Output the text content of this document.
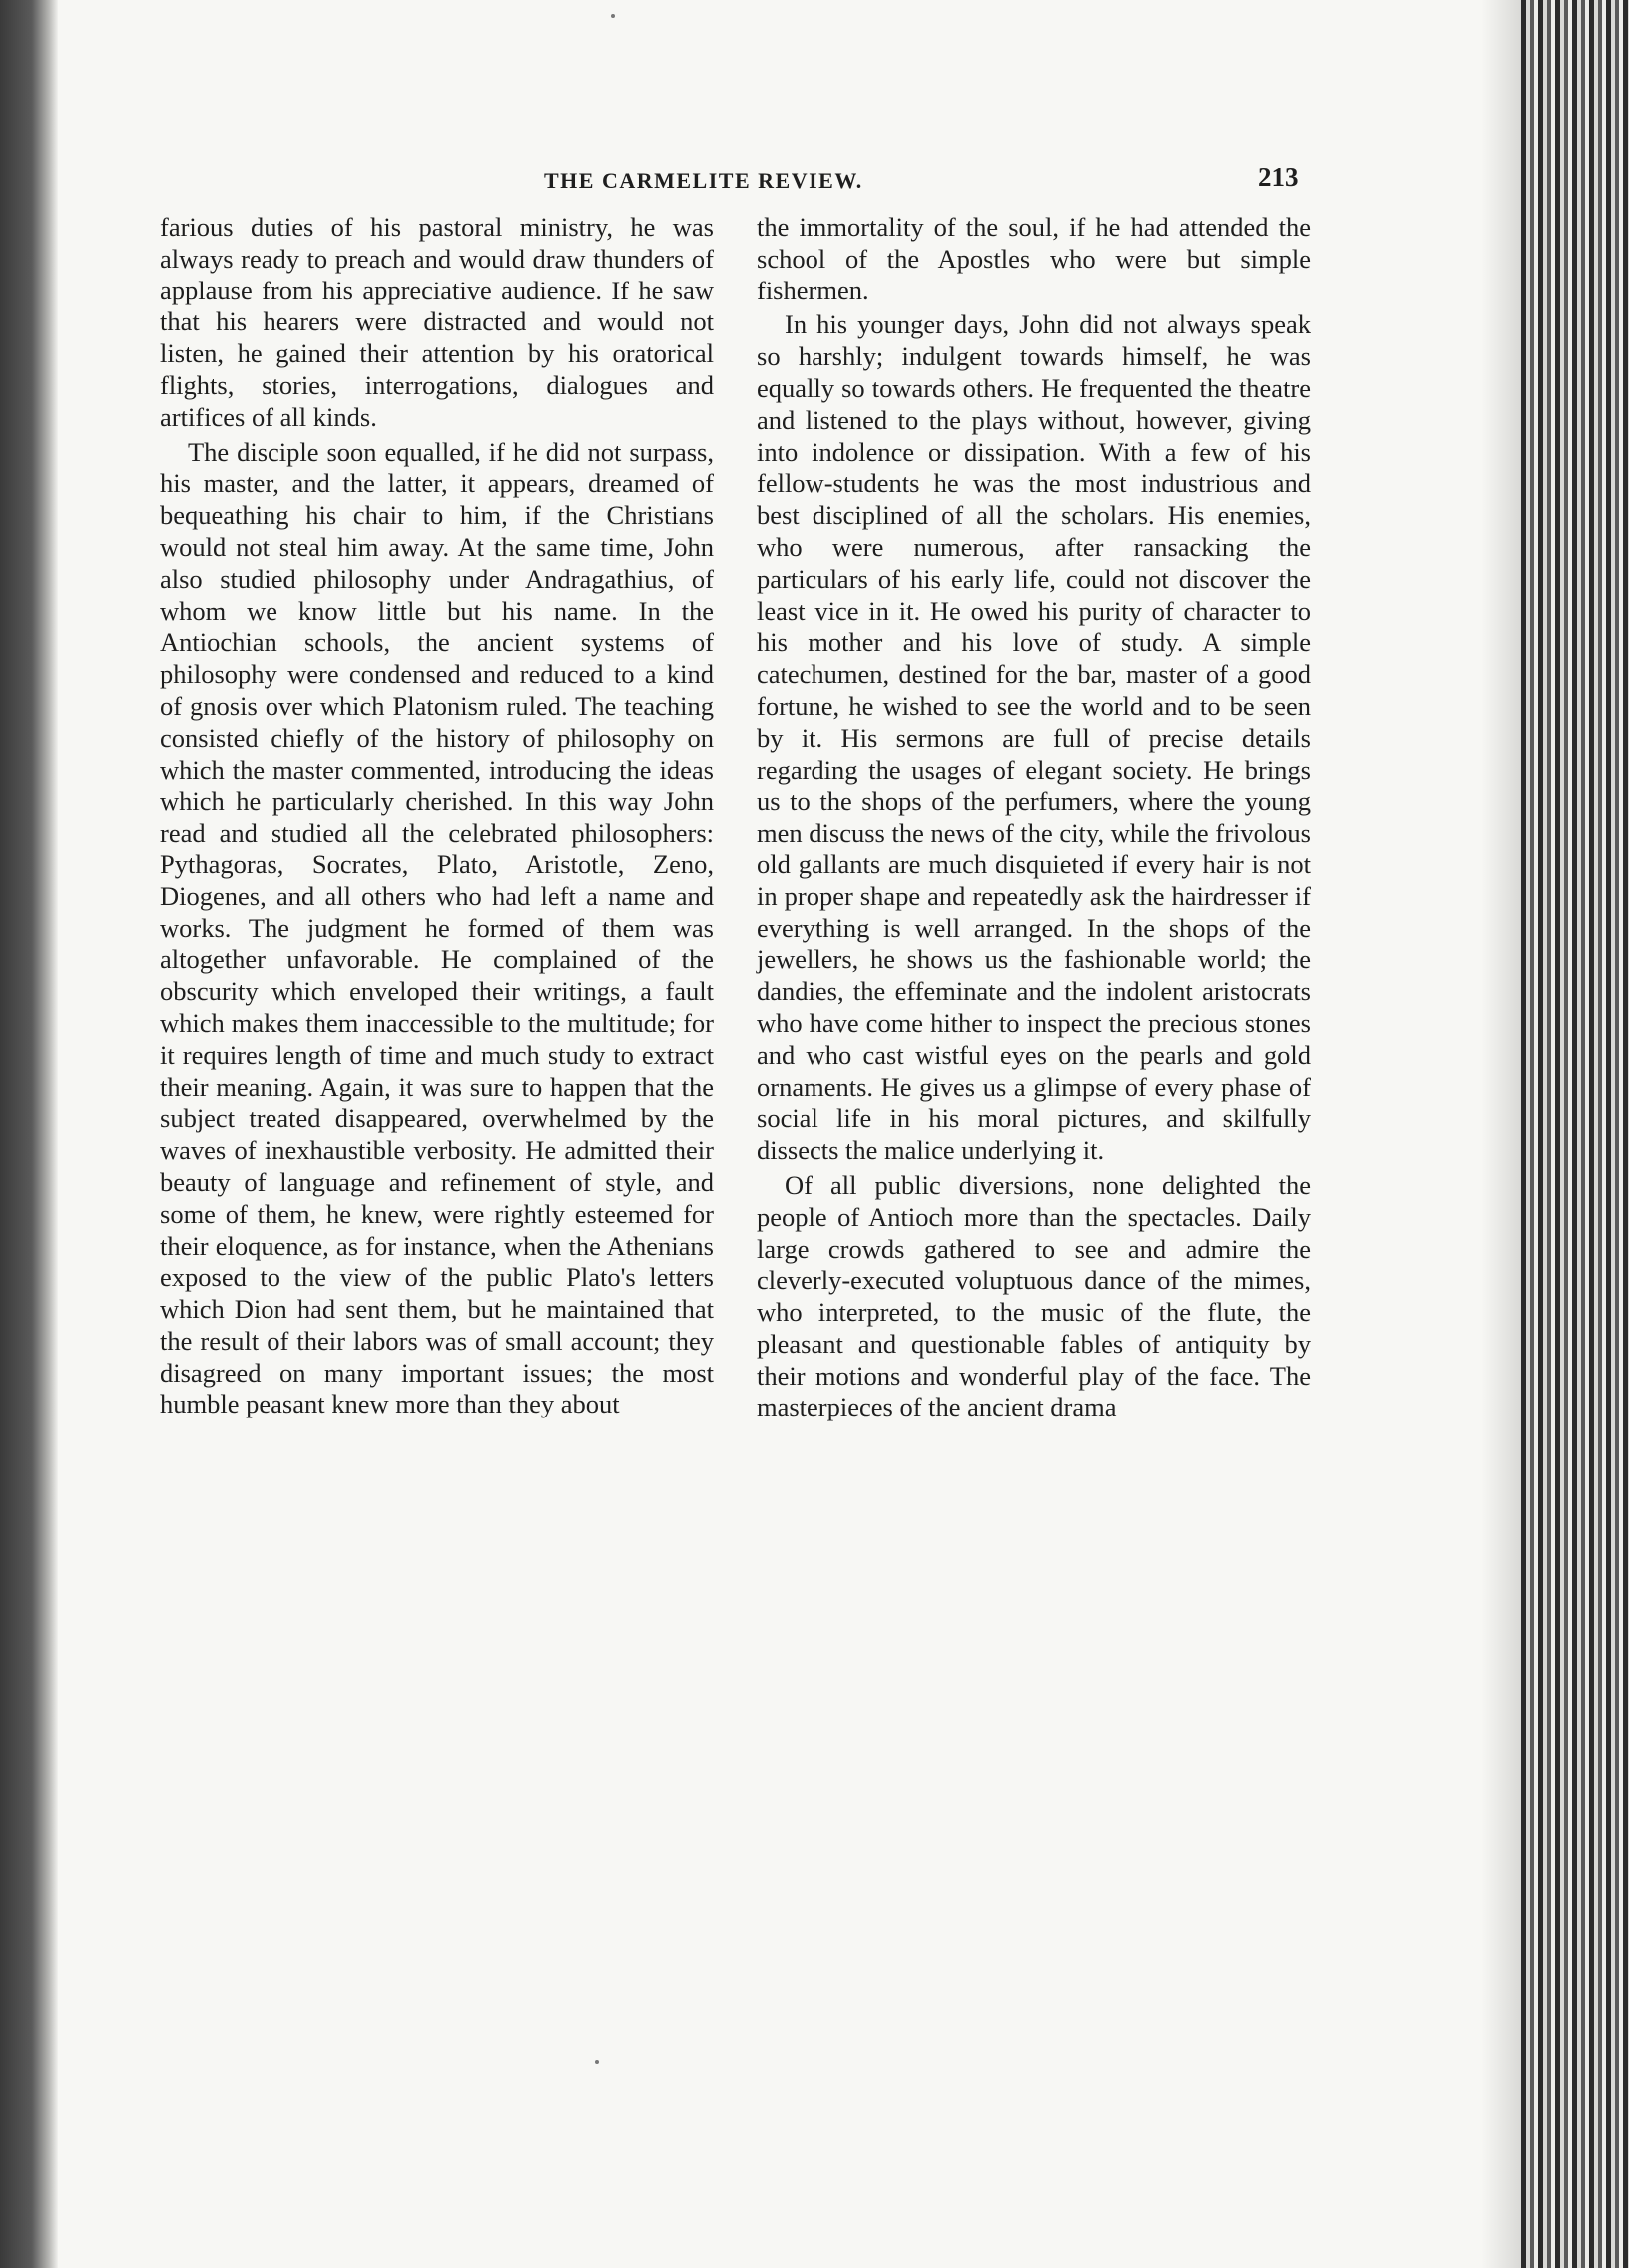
THE CARMELITE REVIEW.	213

farious duties of his pastoral ministry, he was always ready to preach and would draw thunders of applause from his appreciative audience. If he saw that his hearers were distracted and would not listen, he gained their attention by his oratorical flights, stories, interrogations, dialogues and artifices of all kinds.

The disciple soon equalled, if he did not surpass, his master, and the latter, it appears, dreamed of bequeathing his chair to him, if the Christians would not steal him away. At the same time, John also studied philosophy under Andragathius, of whom we know little but his name. In the Antiochian schools, the ancient systems of philosophy were condensed and reduced to a kind of gnosis over which Platonism ruled. The teaching consisted chiefly of the history of philosophy on which the master commented, introducing the ideas which he particularly cherished. In this way John read and studied all the celebrated philosophers: Pythagoras, Socrates, Plato, Aristotle, Zeno, Diogenes, and all others who had left a name and works. The judgment he formed of them was altogether unfavorable. He complained of the obscurity which enveloped their writings, a fault which makes them inaccessible to the multitude; for it requires length of time and much study to extract their meaning. Again, it was sure to happen that the subject treated disappeared, overwhelmed by the waves of inexhaustible verbosity. He admitted their beauty of language and refinement of style, and some of them, he knew, were rightly esteemed for their eloquence, as for instance, when the Athenians exposed to the view of the public Plato's letters which Dion had sent them, but he maintained that the result of their labors was of small account; they disagreed on many important issues; the most humble peasant knew more than they about

the immortality of the soul, if he had attended the school of the Apostles who were but simple fishermen.

In his younger days, John did not always speak so harshly; indulgent towards himself, he was equally so towards others. He frequented the theatre and listened to the plays without, however, giving into indolence or dissipation. With a few of his fellow-students he was the most industrious and best disciplined of all the scholars. His enemies, who were numerous, after ransacking the particulars of his early life, could not discover the least vice in it. He owed his purity of character to his mother and his love of study. A simple catechumen, destined for the bar, master of a good fortune, he wished to see the world and to be seen by it. His sermons are full of precise details regarding the usages of elegant society. He brings us to the shops of the perfumers, where the young men discuss the news of the city, while the frivolous old gallants are much disquieted if every hair is not in proper shape and repeatedly ask the hairdresser if everything is well arranged. In the shops of the jewellers, he shows us the fashionable world; the dandies, the effeminate and the indolent aristocrats who have come hither to inspect the precious stones and who cast wistful eyes on the pearls and gold ornaments. He gives us a glimpse of every phase of social life in his moral pictures, and skilfully dissects the malice underlying it.

Of all public diversions, none delighted the people of Antioch more than the spectacles. Daily large crowds gathered to see and admire the cleverly-executed voluptuous dance of the mimes, who interpreted, to the music of the flute, the pleasant and questionable fables of antiquity by their motions and wonderful play of the face. The masterpieces of the ancient drama
